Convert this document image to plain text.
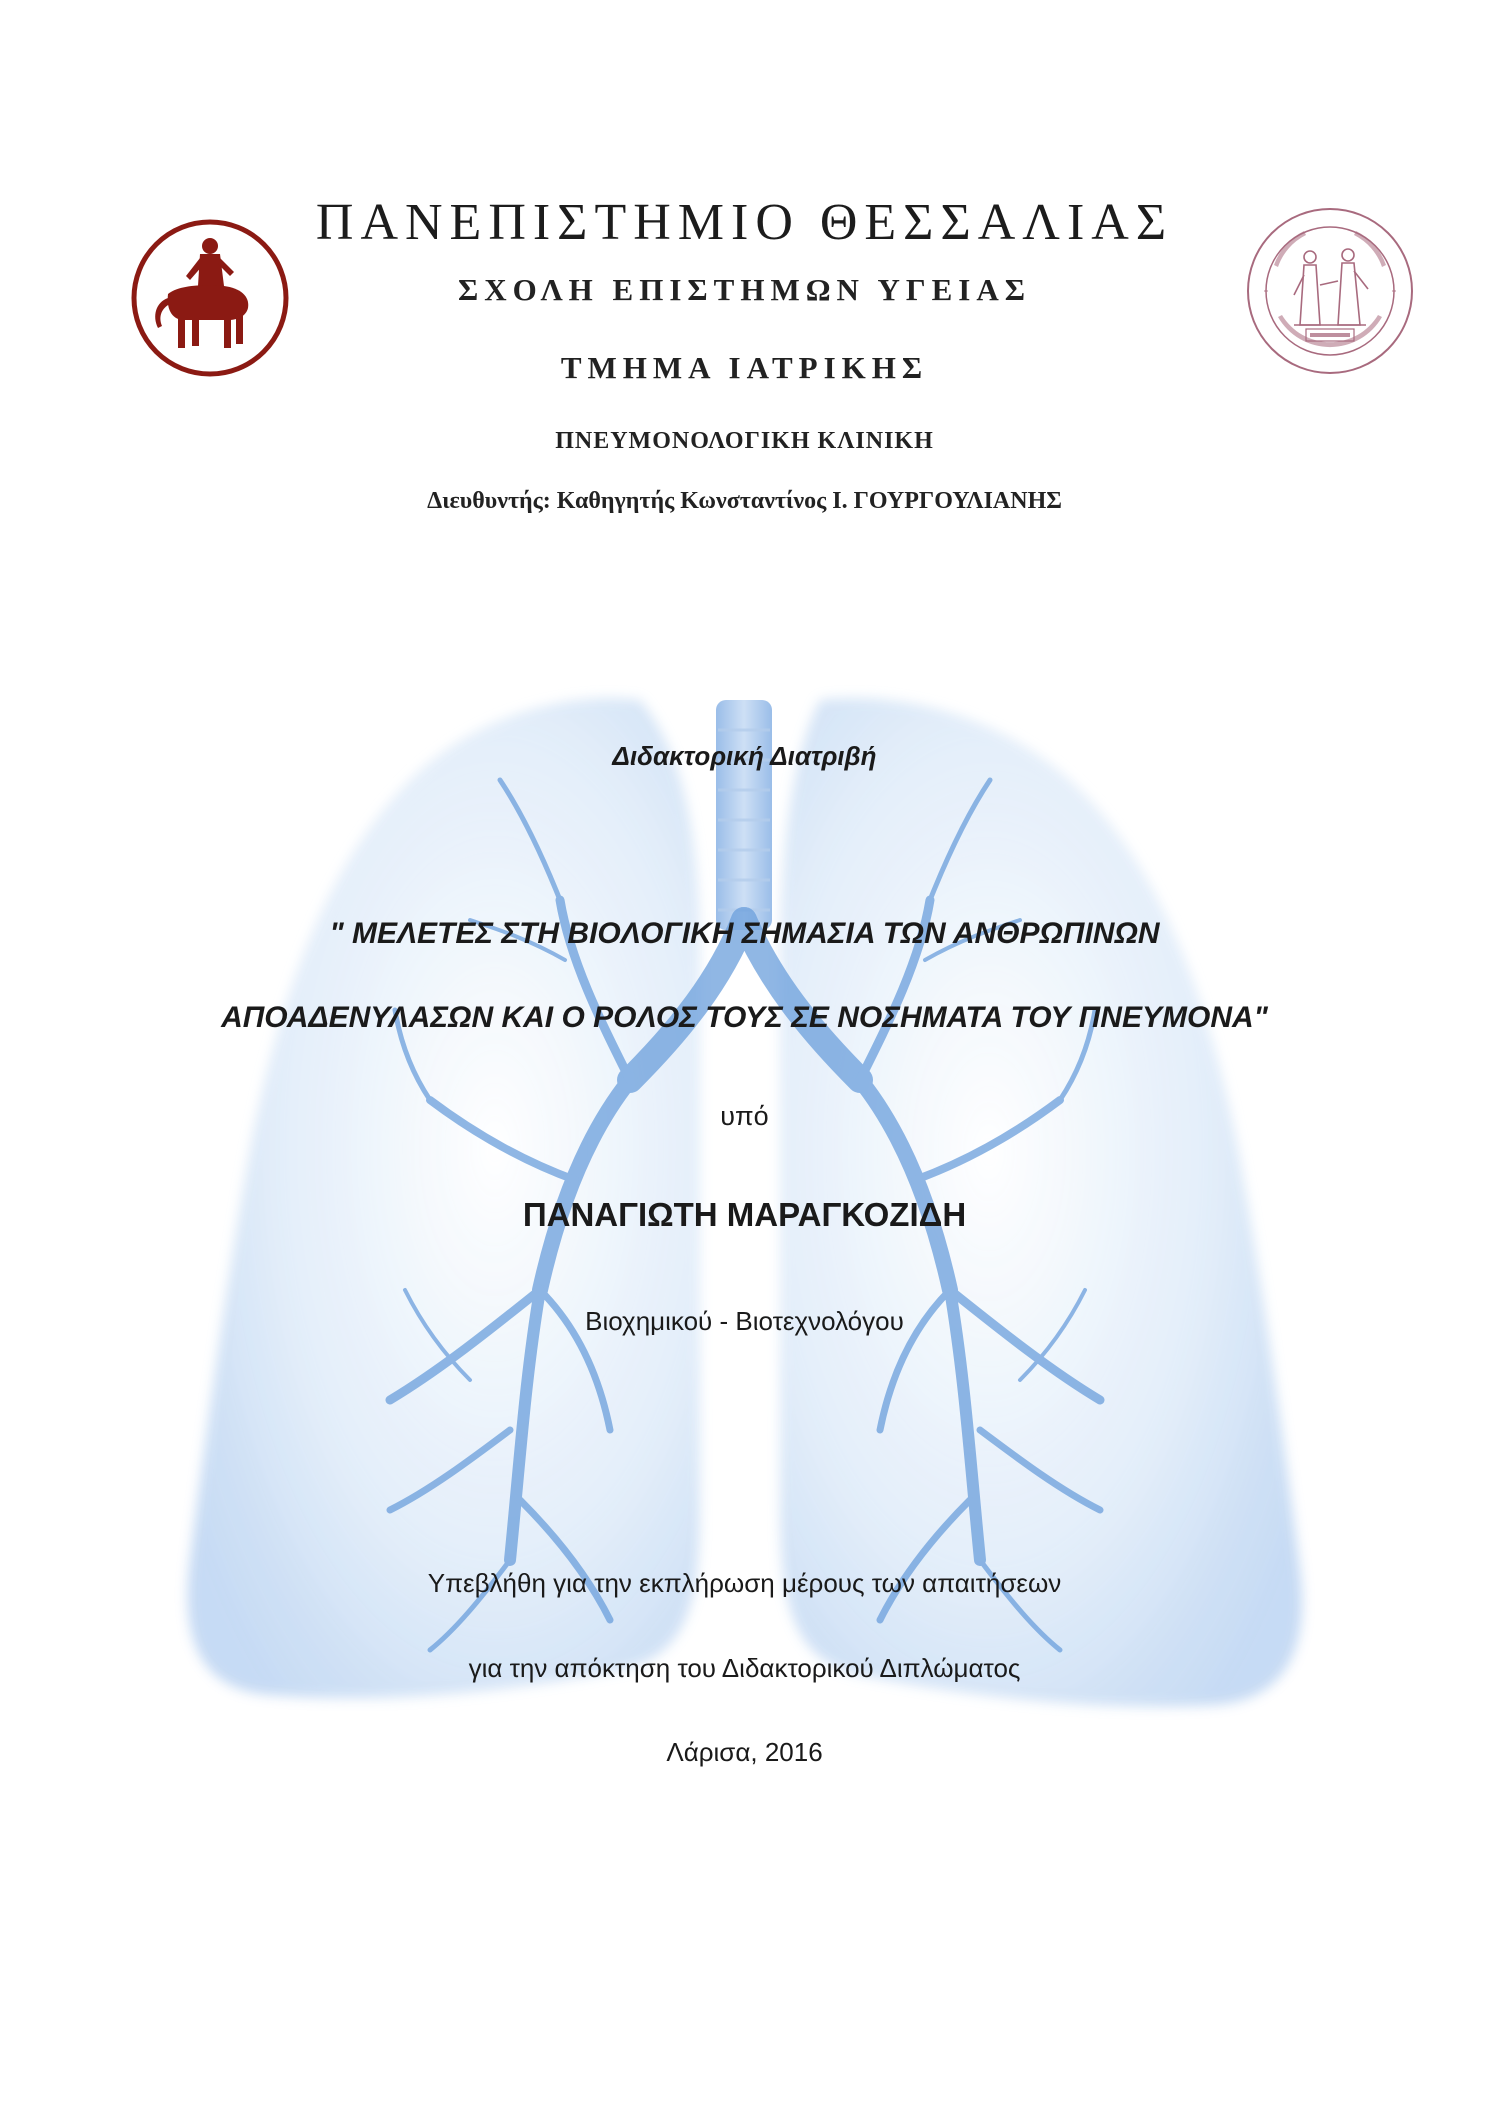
ΠΑΝΕΠΙΣΤΗΜΙΟ ΘΕΣΣΑΛΙΑΣ
ΣΧΟΛΗ ΕΠΙΣΤΗΜΩΝ ΥΓΕΙΑΣ
ΤΜΗΜΑ ΙΑΤΡΙΚΗΣ
ΠΝΕΥΜΟΝΟΛΟΓΙΚΗ ΚΛΙΝΙΚΗ
Διευθυντής: Καθηγητής Κωνσταντίνος Ι. ΓΟΥΡΓΟΥΛΙΑΝΗΣ
Διδακτορική Διατριβή
" ΜΕΛΕΤΕΣ ΣΤΗ ΒΙΟΛΟΓΙΚΗ ΣΗΜΑΣΙΑ ΤΩΝ ΑΝΘΡΩΠΙΝΩΝ
ΑΠΟΑΔΕΝΥΛΑΣΩΝ ΚΑΙ Ο ΡΟΛΟΣ ΤΟΥΣ ΣΕ ΝΟΣΗΜΑΤΑ ΤΟΥ ΠΝΕΥΜΟΝΑ"
υπό
ΠΑΝΑΓΙΩΤΗ ΜΑΡΑΓΚΟΖΙΔΗ
Βιοχημικού - Βιοτεχνολόγου
Υπεβλήθη για την εκπλήρωση μέρους των απαιτήσεων
για την απόκτηση του Διδακτορικού Διπλώματος
Λάρισα, 2016
